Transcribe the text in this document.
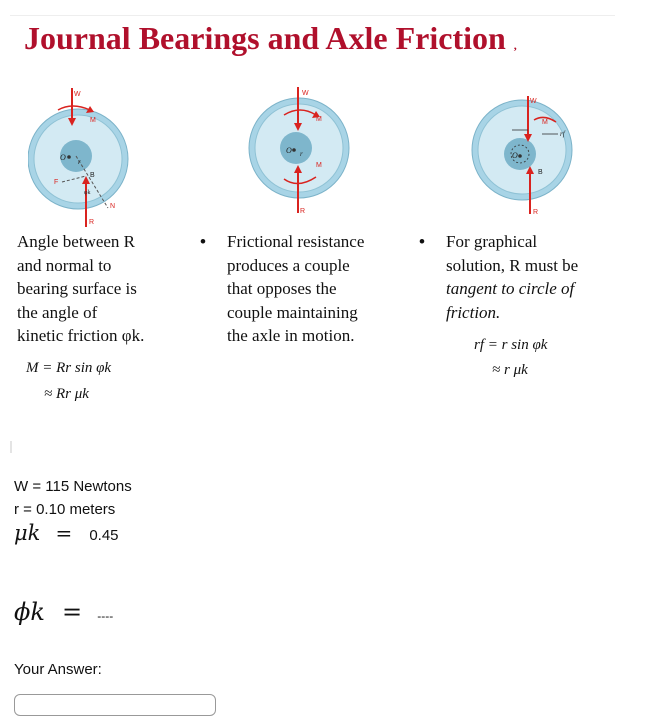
Journal Bearings and Axle Friction ,
W
M
O r
B
F
φk
R
N
W
M
O r
M
R
W
M
rf
O
B
R
Angle between R
and normal to
bearing surface is
the angle of
kinetic friction φk.
• Frictional resistance
produces a couple
that opposes the
couple maintaining
the axle in motion.
• For graphical
solution, R must be
tangent to circle of
friction.
M = Rr sin φk
≈ Rr μk
rf = r sin φk
≈ r μk
W = 115 Newtons
r = 0.10 meters
μk = 0.45
ϕk = ----
Your Answer:
